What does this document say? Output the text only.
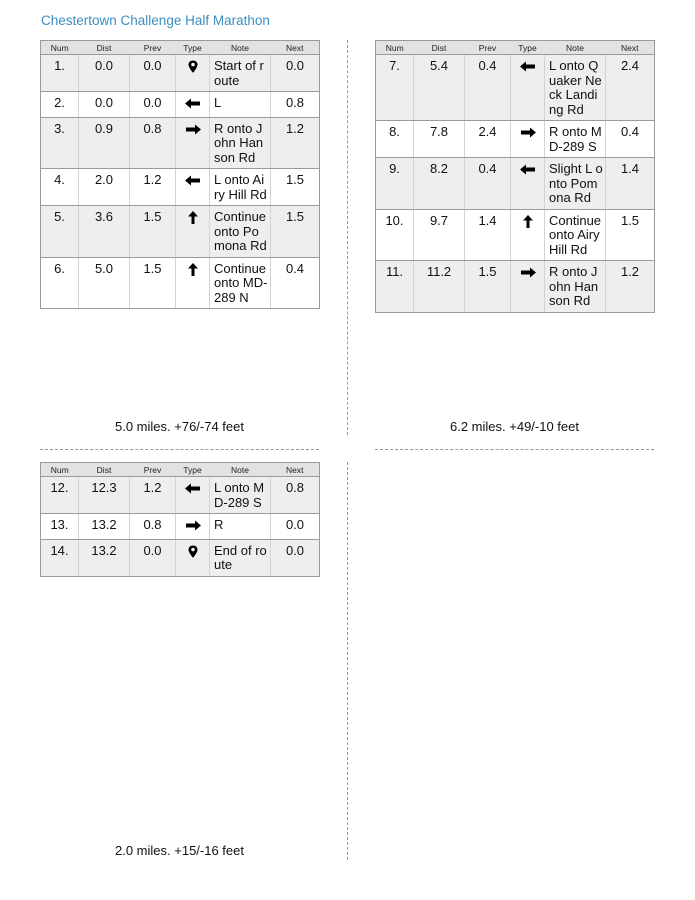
Chestertown Challenge Half Marathon
Num	Dist	Prev	Type	Note	Next
1.	0.0	0.0		Start of route	0.0
2.	0.0	0.0		L	0.8
3.	0.9	0.8		R onto John Hanson Rd	1.2
4.	2.0	1.2		L onto Airy Hill Rd	1.5
5.	3.6	1.5		Continue onto Pomona Rd	1.5
6.	5.0	1.5		Continue onto MD-289 N	0.4
Num	Dist	Prev	Type	Note	Next
7.	5.4	0.4		L onto Quaker Neck Landing Rd	2.4
8.	7.8	2.4		R onto MD-289 S	0.4
9.	8.2	0.4		Slight L onto Pomona Rd	1.4
10.	9.7	1.4		Continue onto Airy Hill Rd	1.5
11.	11.2	1.5		R onto John Hanson Rd	1.2
Num	Dist	Prev	Type	Note	Next
12.	12.3	1.2		L onto MD-289 S	0.8
13.	13.2	0.8		R	0.0
14.	13.2	0.0		End of route	0.0
5.0 miles. +76/-74 feet	6.2 miles. +49/-10 feet
2.0 miles. +15/-16 feet
